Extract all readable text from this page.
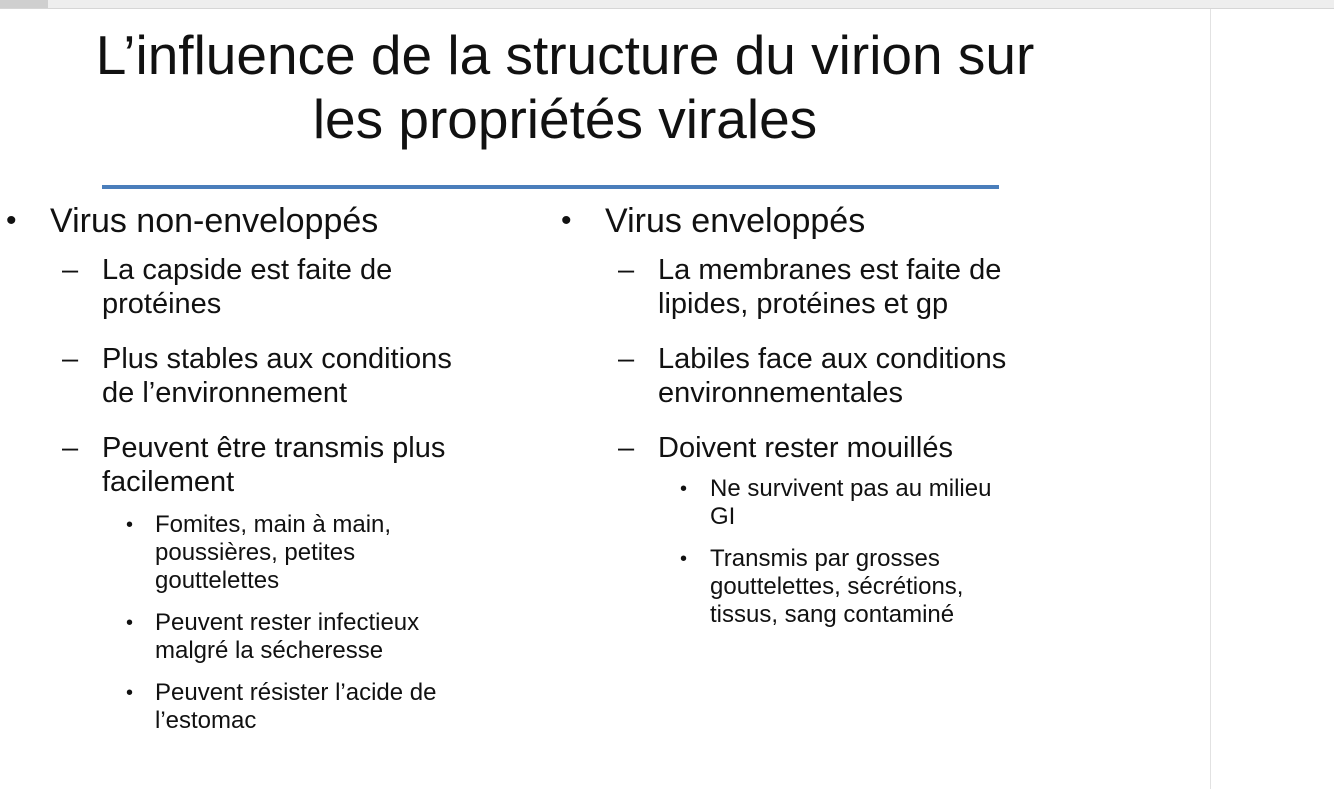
L’influence de la structure du virion sur
les propriétés virales
• Virus non-enveloppés
– La capside est faite de
protéines
– Plus stables aux conditions
de l’environnement
– Peuvent être transmis plus
facilement
• Fomites, main à main,
poussières, petites
gouttelettes
• Peuvent rester infectieux
malgré la sécheresse
• Peuvent résister l’acide de
l’estomac
• Virus enveloppés
– La membranes est faite de
lipides, protéines et gp
– Labiles face aux conditions
environnementales
– Doivent rester mouillés
• Ne survivent pas au milieu
GI
• Transmis par grosses
gouttelettes, sécrétions,
tissus, sang contaminé
